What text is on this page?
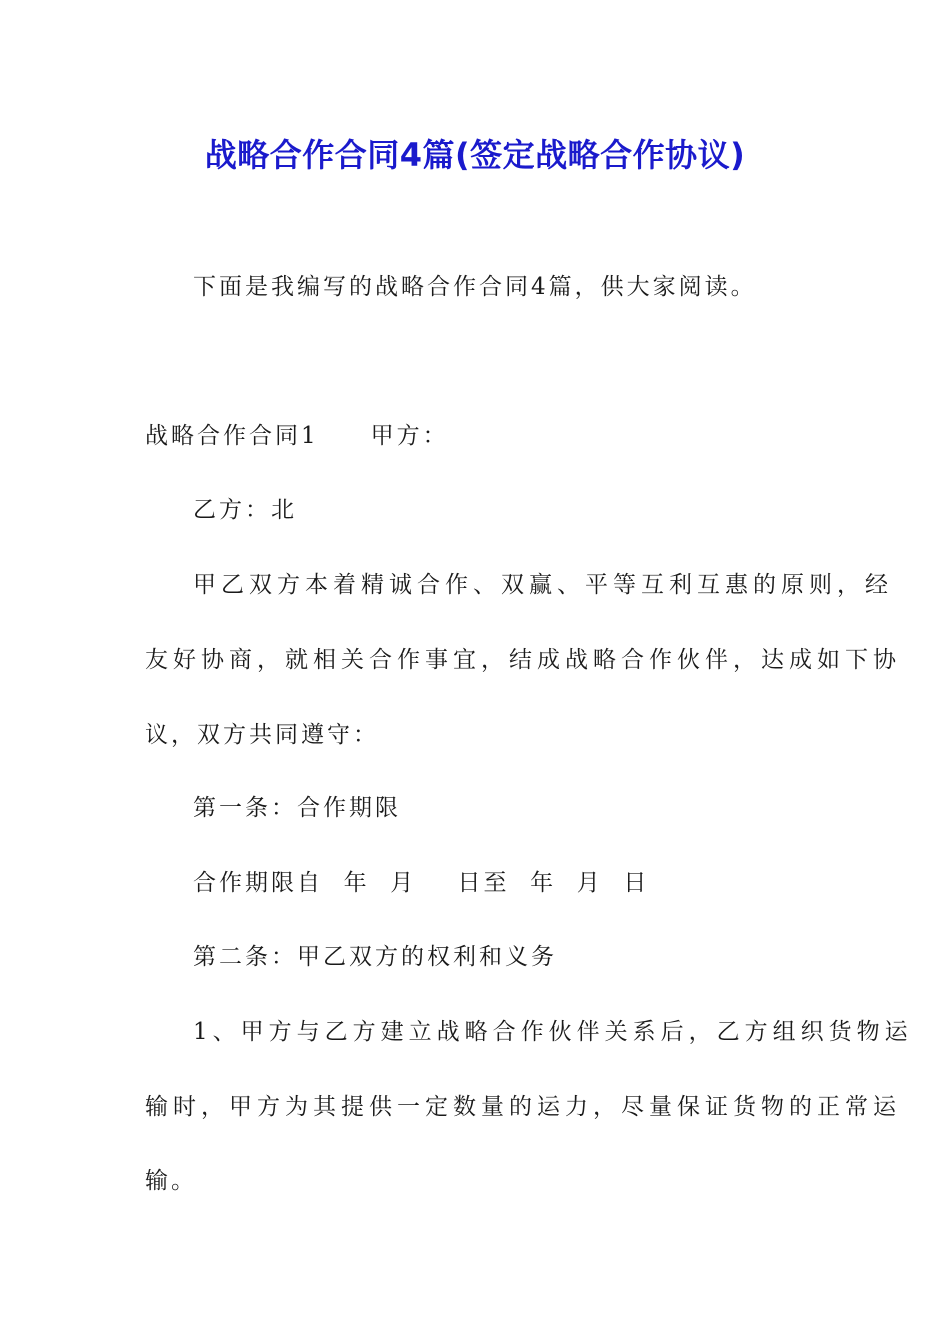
战略合作合同4篇(签定战略合作协议)
下面是我编写的战略合作合同4篇，供大家阅读。
战略合作合同1　　甲方：
乙方：北
甲乙双方本着精诚合作、双赢、平等互利互惠的原则，经
友好协商，就相关合作事宜，结成战略合作伙伴，达成如下协
议，双方共同遵守：
第一条：合作期限
合作期限自  年  月    日至  年  月  日
第二条：甲乙双方的权利和义务
1、甲方与乙方建立战略合作伙伴关系后，乙方组织货物运
输时，甲方为其提供一定数量的运力，尽量保证货物的正常运
输。
